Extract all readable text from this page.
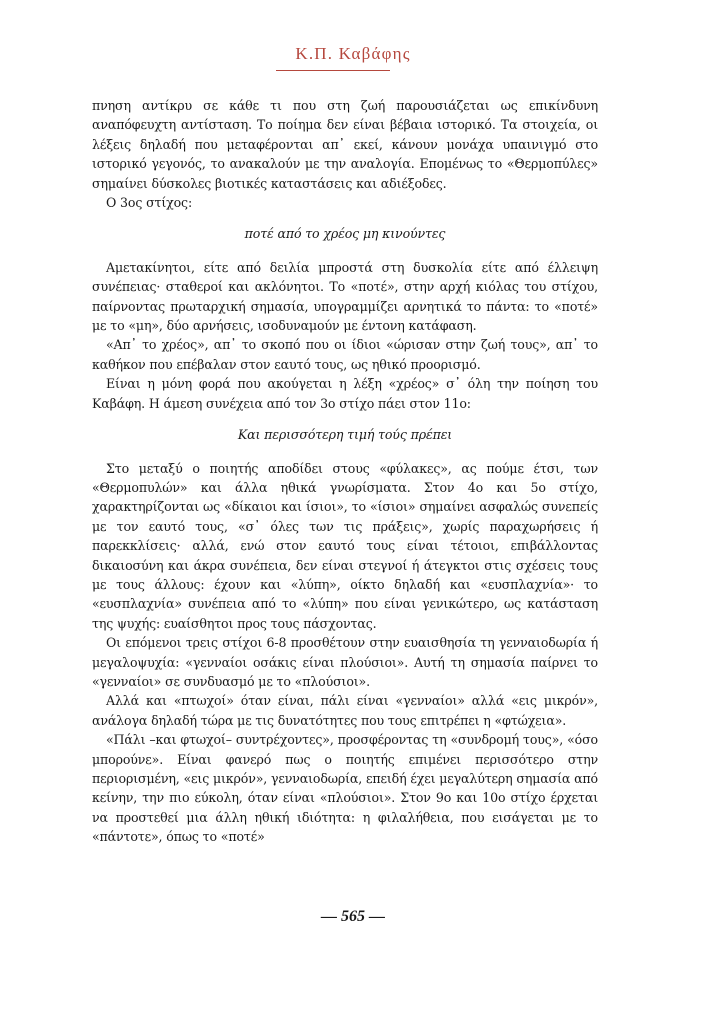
Κ.Π. Καβάφης

πνηση αντίκρυ σε κάθε τι που στη ζωή παρουσιάζεται ως επικίνδυνη αναπόφευχτη αντίσταση. Το ποίημα δεν είναι βέβαια ιστορικό. Τα στοιχεία, οι λέξεις δηλαδή που μεταφέρονται απ᾽ εκεί, κάνουν μονάχα υπαινιγμό στο ιστορικό γεγονός, το ανακαλούν με την αναλογία. Επομένως το «Θερμοπύλες» σημαίνει δύσκολες βιοτικές καταστάσεις και αδιέξοδες.

Ο 3ος στίχος:

ποτέ από το χρέος μη κινούντες

Αμετακίνητοι, είτε από δειλία μπροστά στη δυσκολία είτε από έλλειψη συνέπειας· σταθεροί και ακλόνητοι. Το «ποτέ», στην αρχή κιόλας του στίχου, παίρνοντας πρωταρχική σημασία, υπογραμμίζει αρνητικά το πάντα: το «ποτέ» με το «μη», δύο αρνήσεις, ισοδυναμούν με έντονη κατάφαση.

«Απ᾽ το χρέος», απ᾽ το σκοπό που οι ίδιοι «ώρισαν στην ζωή τους», απ᾽ το καθήκον που επέβαλαν στον εαυτό τους, ως ηθικό προορισμό.

Είναι η μόνη φορά που ακούγεται η λέξη «χρέος» σ᾽ όλη την ποίηση του Καβάφη. Η άμεση συνέχεια από τον 3ο στίχο πάει στον 11ο:

Και περισσότερη τιμή τούς πρέπει

Στο μεταξύ ο ποιητής αποδίδει στους «φύλακες», ας πούμε έτσι, των «Θερμοπυλών» και άλλα ηθικά γνωρίσματα. Στον 4ο και 5ο στίχο, χαρακτηρίζονται ως «δίκαιοι και ίσιοι», το «ίσιοι» σημαίνει ασφαλώς συνεπείς με τον εαυτό τους, «σ᾽ όλες των τις πράξεις», χωρίς παραχωρήσεις ή παρεκκλίσεις· αλλά, ενώ στον εαυτό τους είναι τέτοιοι, επιβάλλοντας δικαιοσύνη και άκρα συνέπεια, δεν είναι στεγνοί ή άτεγκτοι στις σχέσεις τους με τους άλλους: έχουν και «λύπη», οίκτο δηλαδή και «ευσπλαχνία»· το «ευσπλαχνία» συνέπεια από το «λύπη» που είναι γενικώτερο, ως κατάσταση της ψυχής: ευαίσθητοι προς τους πάσχοντας.

Οι επόμενοι τρεις στίχοι 6-8 προσθέτουν στην ευαισθησία τη γενναιοδωρία ή μεγαλοψυχία: «γενναίοι οσάκις είναι πλούσιοι». Αυτή τη σημασία παίρνει το «γενναίοι» σε συνδυασμό με το «πλούσιοι».

Αλλά και «πτωχοί» όταν είναι, πάλι είναι «γενναίοι» αλλά «εις μικρόν», ανάλογα δηλαδή τώρα με τις δυνατότητες που τους επιτρέπει η «φτώχεια».

«Πάλι –και φτωχοί– συντρέχοντες», προσφέροντας τη «συνδρομή τους», «όσο μπορούνε». Είναι φανερό πως ο ποιητής επιμένει περισσότερο στην περιορισμένη, «εις μικρόν», γενναιοδωρία, επειδή έχει μεγαλύτερη σημασία από κείνην, την πιο εύκολη, όταν είναι «πλούσιοι». Στον 9ο και 10ο στίχο έρχεται να προστεθεί μια άλλη ηθική ιδιότητα: η φιλαλήθεια, που εισάγεται με το «πάντοτε», όπως το «ποτέ»

— 565 —
